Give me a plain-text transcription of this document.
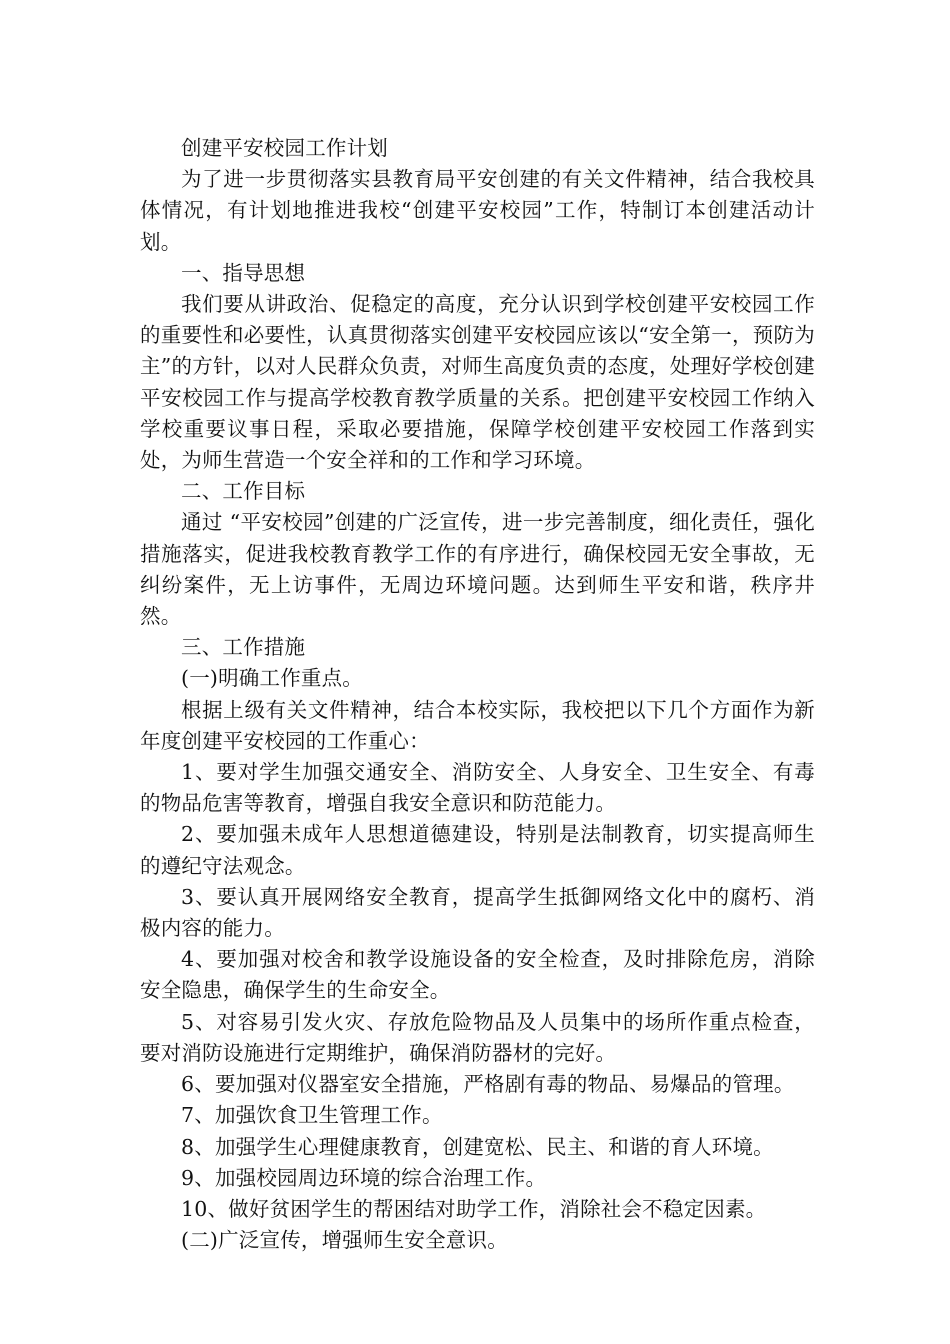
创建平安校园工作计划

为了进一步贯彻落实县教育局平安创建的有关文件精神，结合我校具体情况，有计划地推进我校“创建平安校园”工作，特制订本创建活动计划。

一、指导思想

我们要从讲政治、促稳定的高度，充分认识到学校创建平安校园工作的重要性和必要性，认真贯彻落实创建平安校园应该以“安全第一，预防为主”的方针，以对人民群众负责，对师生高度负责的态度，处理好学校创建平安校园工作与提高学校教育教学质量的关系。把创建平安校园工作纳入学校重要议事日程，采取必要措施，保障学校创建平安校园工作落到实处，为师生营造一个安全祥和的工作和学习环境。

二、工作目标

通过 “平安校园”创建的广泛宣传，进一步完善制度，细化责任，强化措施落实，促进我校教育教学工作的有序进行，确保校园无安全事故，无纠纷案件，无上访事件，无周边环境问题。达到师生平安和谐，秩序井然。

三、工作措施

(一)明确工作重点。

根据上级有关文件精神，结合本校实际，我校把以下几个方面作为新年度创建平安校园的工作重心：

1、要对学生加强交通安全、消防安全、人身安全、卫生安全、有毒的物品危害等教育，增强自我安全意识和防范能力。

2、要加强未成年人思想道德建设，特别是法制教育，切实提高师生的遵纪守法观念。

3、要认真开展网络安全教育，提高学生抵御网络文化中的腐朽、消极内容的能力。

4、要加强对校舍和教学设施设备的安全检查，及时排除危房，消除安全隐患，确保学生的生命安全。

5、对容易引发火灾、存放危险物品及人员集中的场所作重点检查，要对消防设施进行定期维护，确保消防器材的完好。

6、要加强对仪器室安全措施，严格剧有毒的物品、易爆品的管理。

7、加强饮食卫生管理工作。

8、加强学生心理健康教育，创建宽松、民主、和谐的育人环境。

9、加强校园周边环境的综合治理工作。

10、做好贫困学生的帮困结对助学工作，消除社会不稳定因素。

(二)广泛宣传，增强师生安全意识。
